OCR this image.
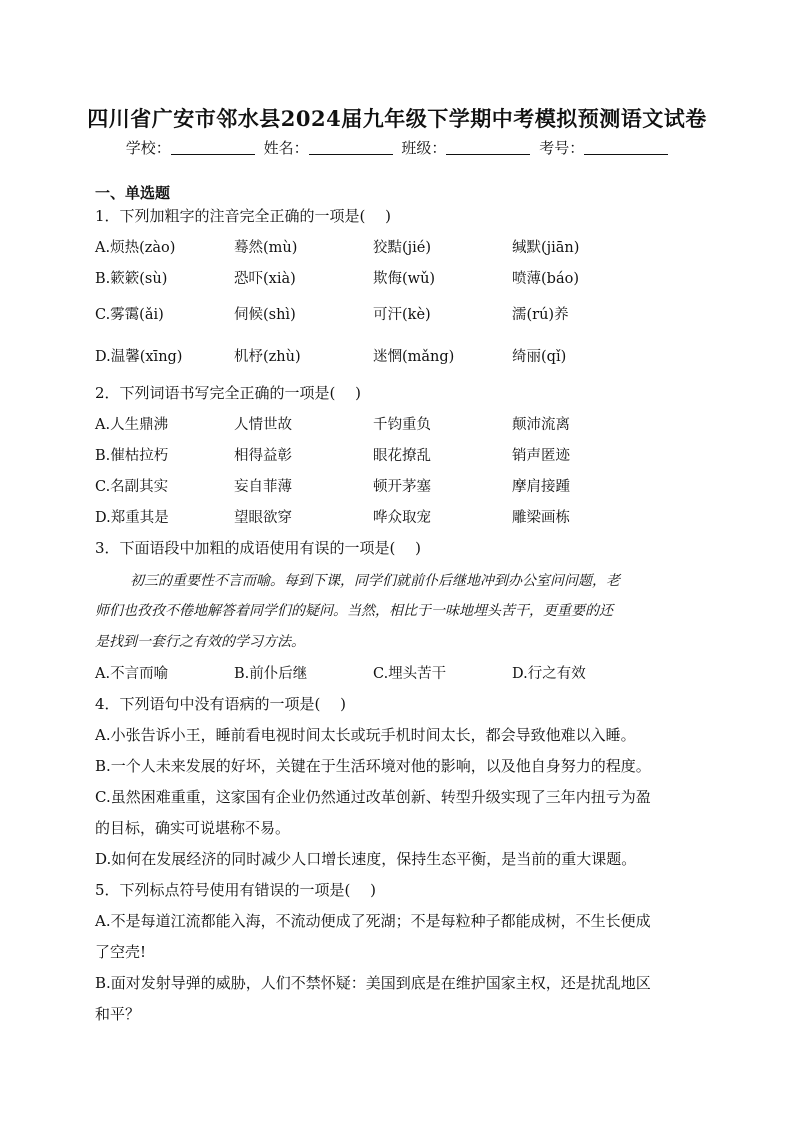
四川省广安市邻水县2024届九年级下学期中考模拟预测语文试卷
学校：	姓名：	班级：	考号：
一、单选题
1．下列加粗字的注音完全正确的一项是(　 )
A.烦热(zào)	蓦然(mù)	狡黠(jié)	缄默(jiān)
B.簌簌(sù)	恐吓(xià)	欺侮(wǔ)	喷薄(báo)
C.雾霭(ǎi)	伺候(shì)	可汗(kè)	濡(rú)养
D.温馨(xīng)	机杼(zhù)	迷惘(mǎng)	绮丽(qǐ)
2．下列词语书写完全正确的一项是(　 )
A.人生鼎沸	人情世故	千钧重负	颠沛流离
B.催枯拉朽	相得益彰	眼花撩乱	销声匿迹
C.名副其实	妄自菲薄	顿开茅塞	摩肩接踵
D.郑重其是	望眼欲穿	哗众取宠	雕梁画栋
3．下面语段中加粗的成语使用有误的一项是(　 )
初三的重要性不言而喻。每到下课，同学们就前仆后继地冲到办公室问问题，老
师们也孜孜不倦地解答着同学们的疑问。当然，相比于一味地埋头苦干，更重要的还
是找到一套行之有效的学习方法。
A.不言而喻	B.前仆后继	C.埋头苦干	D.行之有效
4．下列语句中没有语病的一项是(　 )
A.小张告诉小王，睡前看电视时间太长或玩手机时间太长，都会导致他难以入睡。
B.一个人未来发展的好坏，关键在于生活环境对他的影响，以及他自身努力的程度。
C.虽然困难重重，这家国有企业仍然通过改革创新、转型升级实现了三年内扭亏为盈
的目标，确实可说堪称不易。
D.如何在发展经济的同时减少人口增长速度，保持生态平衡，是当前的重大课题。
5．下列标点符号使用有错误的一项是(　 )
A.不是每道江流都能入海，不流动便成了死湖；不是每粒种子都能成树，不生长便成
了空壳!
B.面对发射导弹的威胁，人们不禁怀疑：美国到底是在维护国家主权，还是扰乱地区
和平？
